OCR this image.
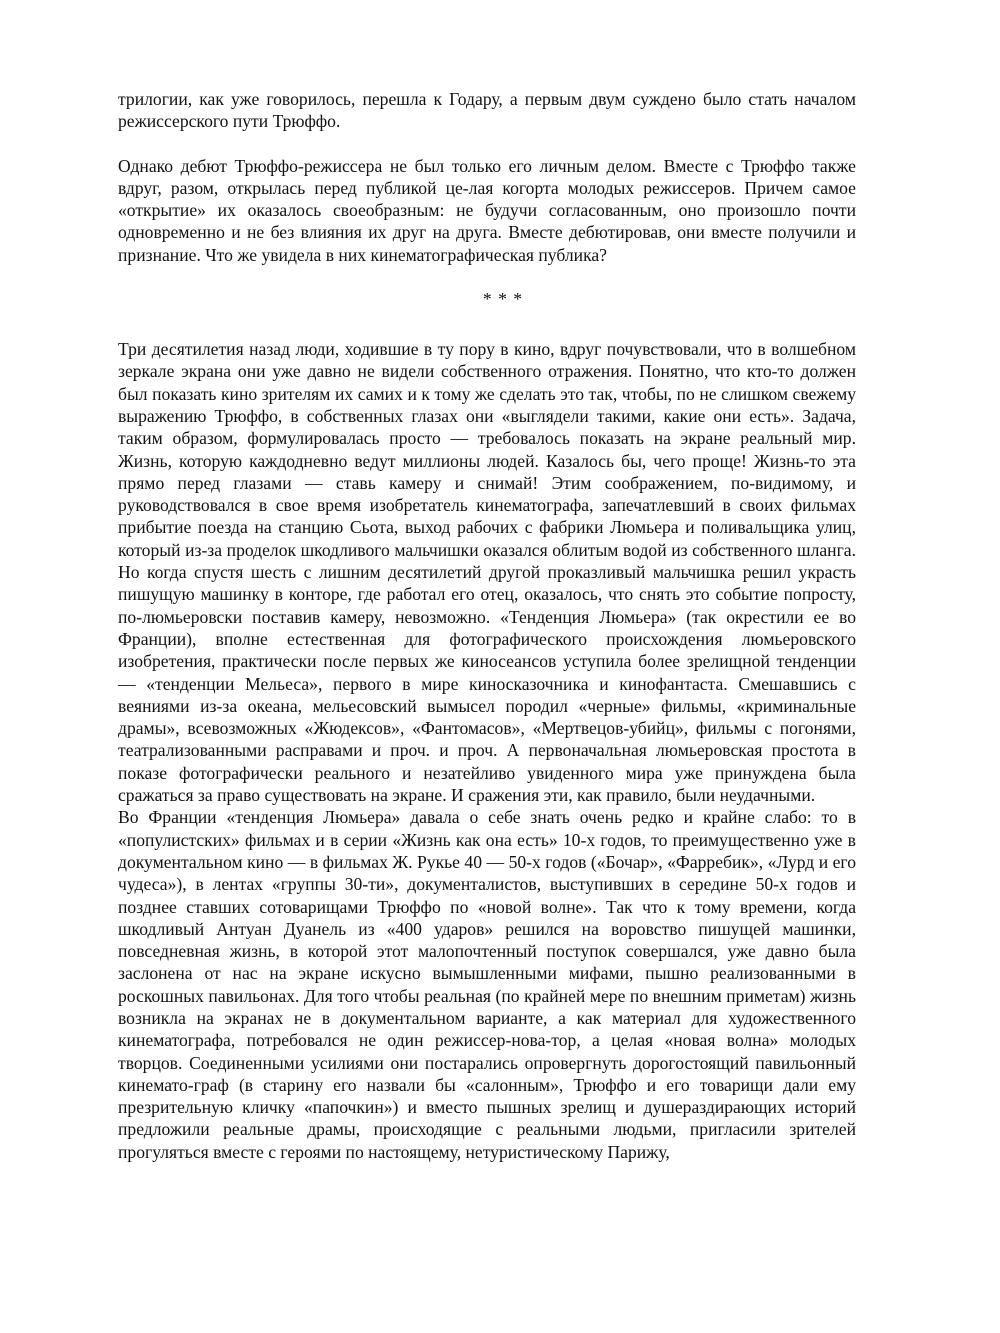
трилогии, как уже говорилось, перешла к Годару, а первым двум суждено было стать началом режиссерского пути Трюффо.

Однако дебют Трюффо-режиссера не был только его личным делом. Вместе с Трюффо также вдруг, разом, открылась перед публикой це-лая когорта молодых режиссеров. Причем самое «открытие» их оказалось своеобразным: не будучи согласованным, оно произошло почти одновременно и не без влияния их друг на друга. Вместе дебютировав, они вместе получили и признание. Что же увидела в них кинематографическая публика?

* * *

Три десятилетия назад люди, ходившие в ту пору в кино, вдруг почувствовали, что в волшебном зеркале экрана они уже давно не видели собственного отражения. Понятно, что кто-то должен был показать кино зрителям их самих и к тому же сделать это так, чтобы, по не слишком свежему выражению Трюффо, в собственных глазах они «выглядели такими, какие они есть». Задача, таким образом, формулировалась просто — требовалось показать на экране реальный мир. Жизнь, которую каждодневно ведут миллионы людей. Казалось бы, чего проще! Жизнь-то эта прямо перед глазами — ставь камеру и снимай! Этим соображением, по-видимому, и руководствовался в свое время изобретатель кинематографа, запечатлевший в своих фильмах прибытие поезда на станцию Сьота, выход рабочих с фабрики Люмьера и поливальщика улиц, который из-за проделок шкодливого мальчишки оказался облитым водой из собственного шланга. Но когда спустя шесть с лишним десятилетий другой проказливый мальчишка решил украсть пишущую машинку в конторе, где работал его отец, оказалось, что снять это событие попросту, по-люмьеровски поставив камеру, невозможно. «Тенденция Люмьера» (так окрестили ее во Франции), вполне естественная для фотографического происхождения люмьеровского изобретения, практически после первых же киносеансов уступила более зрелищной тенденции — «тенденции Мельеса», первого в мире киносказочника и кинофантаста. Смешавшись с веяниями из-за океана, мельесовский вымысел породил «черные» фильмы, «криминальные драмы», всевозможных «Жюдексов», «Фантомасов», «Мертвецов-убийц», фильмы с погонями, театрализованными расправами и проч. и проч. А первоначальная люмьеровская простота в показе фотографически реального и незатейливо увиденного мира уже принуждена была сражаться за право существовать на экране. И сражения эти, как правило, были неудачными.

Во Франции «тенденция Люмьера» давала о себе знать очень редко и крайне слабо: то в «популистских» фильмах и в серии «Жизнь как она есть» 10-х годов, то преимущественно уже в документальном кино — в фильмах Ж. Рукье 40 — 50-х годов («Бочар», «Фарребик», «Лурд и его чудеса»), в лентах «группы 30-ти», документалистов, выступивших в середине 50-х годов и позднее ставших сотоварищами Трюффо по «новой волне». Так что к тому времени, когда шкодливый Антуан Дуанель из «400 ударов» решился на воровство пишущей машинки, повседневная жизнь, в которой этот малопочтенный поступок совершался, уже давно была заслонена от нас на экране искусно вымышленными мифами, пышно реализованными в роскошных павильонах. Для того чтобы реальная (по крайней мере по внешним приметам) жизнь возникла на экранах не в документальном варианте, а как материал для художественного кинематографа, потребовался не один режиссер-нова-тор, а целая «новая волна» молодых творцов. Соединенными усилиями они постарались опровергнуть дорогостоящий павильонный кинемато-граф (в старину его назвали бы «салонным», Трюффо и его товарищи дали ему презрительную кличку «папочкин») и вместо пышных зрелищ и душераздирающих историй предложили реальные драмы, происходящие с реальными людьми, пригласили зрителей прогуляться вместе с героями по настоящему, нетуристическому Парижу,
